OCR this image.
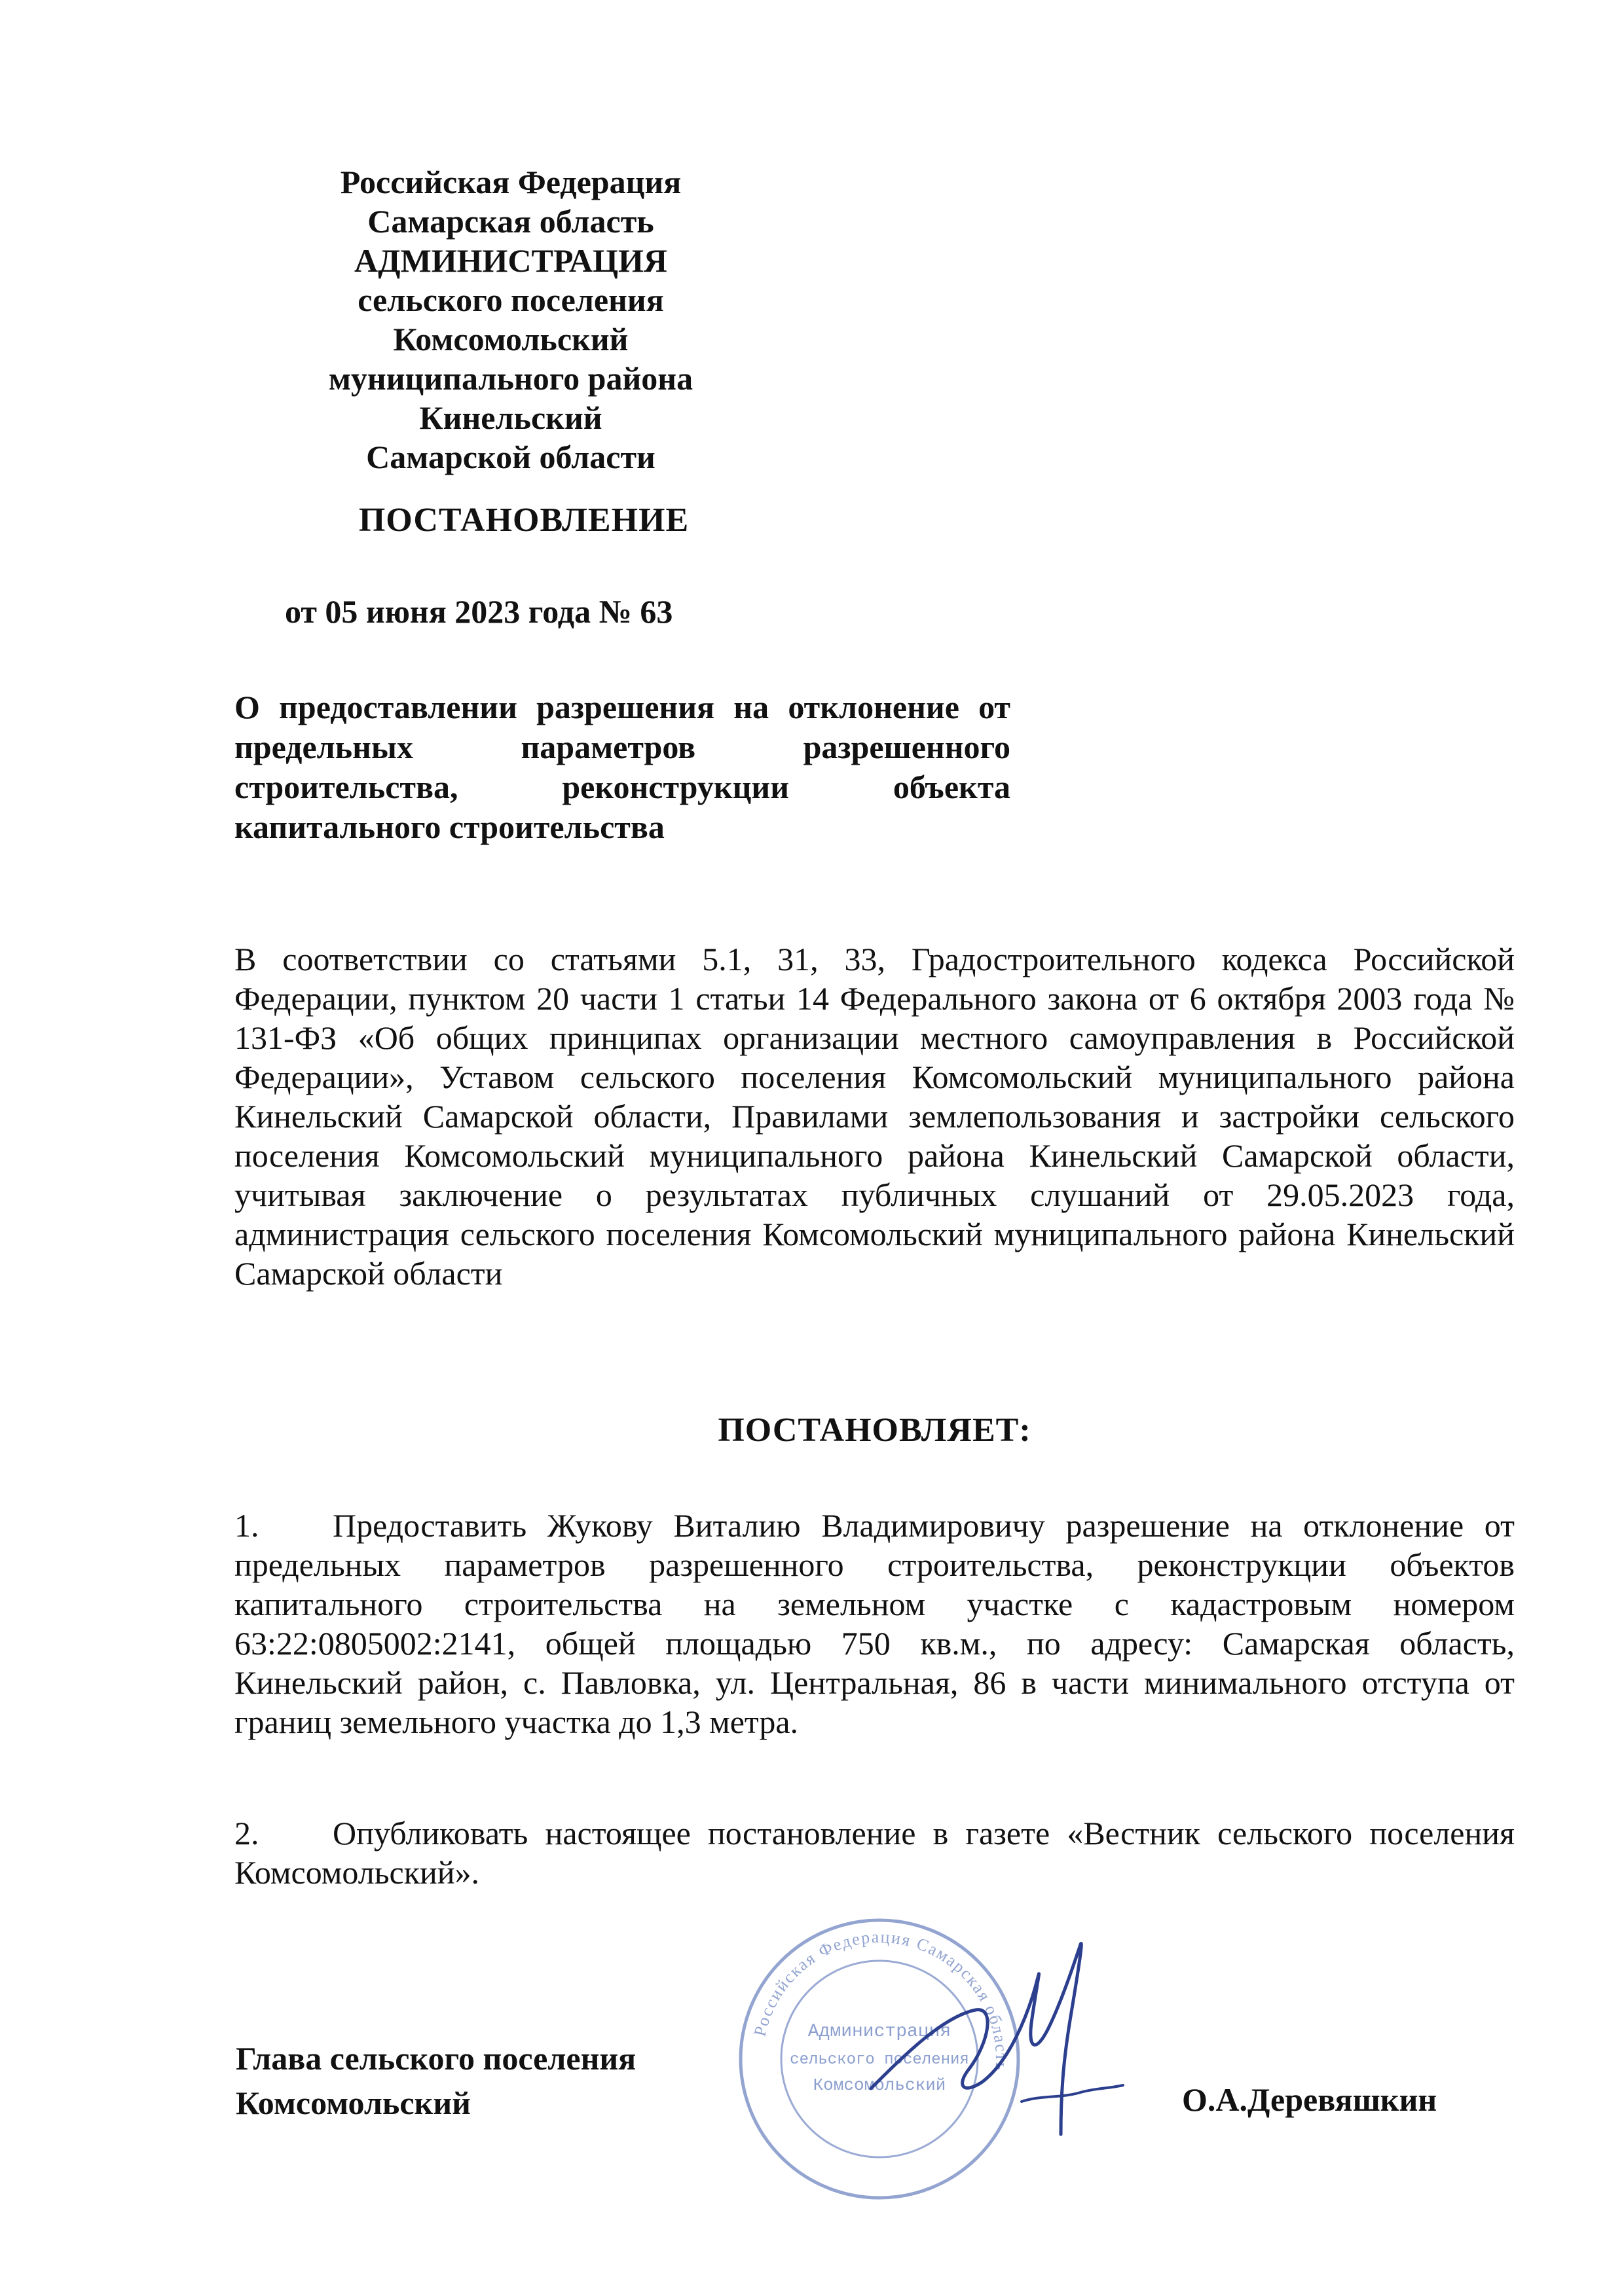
Российская Федерация
Самарская область
АДМИНИСТРАЦИЯ
сельского поселения
Комсомольский
муниципального района
Кинельский
Самарской области
ПОСТАНОВЛЕНИЕ
от 05 июня 2023 года № 63
О предоставлении разрешения на отклонение от предельных параметров разрешенного строительства, реконструкции объекта капитального строительства
В соответствии со статьями 5.1, 31, 33, Градостроительного кодекса Российской Федерации, пунктом 20 части 1 статьи 14 Федерального закона от 6 октября 2003 года № 131-ФЗ «Об общих принципах организации местного самоуправления в Российской Федерации», Уставом сельского поселения Комсомольский муниципального района Кинельский Самарской области, Правилами землепользования и застройки сельского поселения Комсомольский муниципального района Кинельский Самарской области, учитывая заключение о результатах публичных слушаний от 29.05.2023 года, администрация сельского поселения Комсомольский муниципального района Кинельский Самарской области
ПОСТАНОВЛЯЕТ:
1. Предоставить Жукову Виталию Владимировичу разрешение на отклонение от предельных параметров разрешенного строительства, реконструкции объектов капитального строительства на земельном участке с кадастровым номером 63:22:0805002:2141, общей площадью 750 кв.м., по адресу: Самарская область, Кинельский район, с. Павловка, ул. Центральная, 86 в части минимального отступа от границ земельного участка до 1,3 метра.
2. Опубликовать настоящее постановление в газете «Вестник сельского поселения Комсомольский».
Российская Федерация Самарская область
Администрация
сельского поселения
Комсомольский
Глава сельского поселения
Комсомольский	О.А.Деревяшкин
